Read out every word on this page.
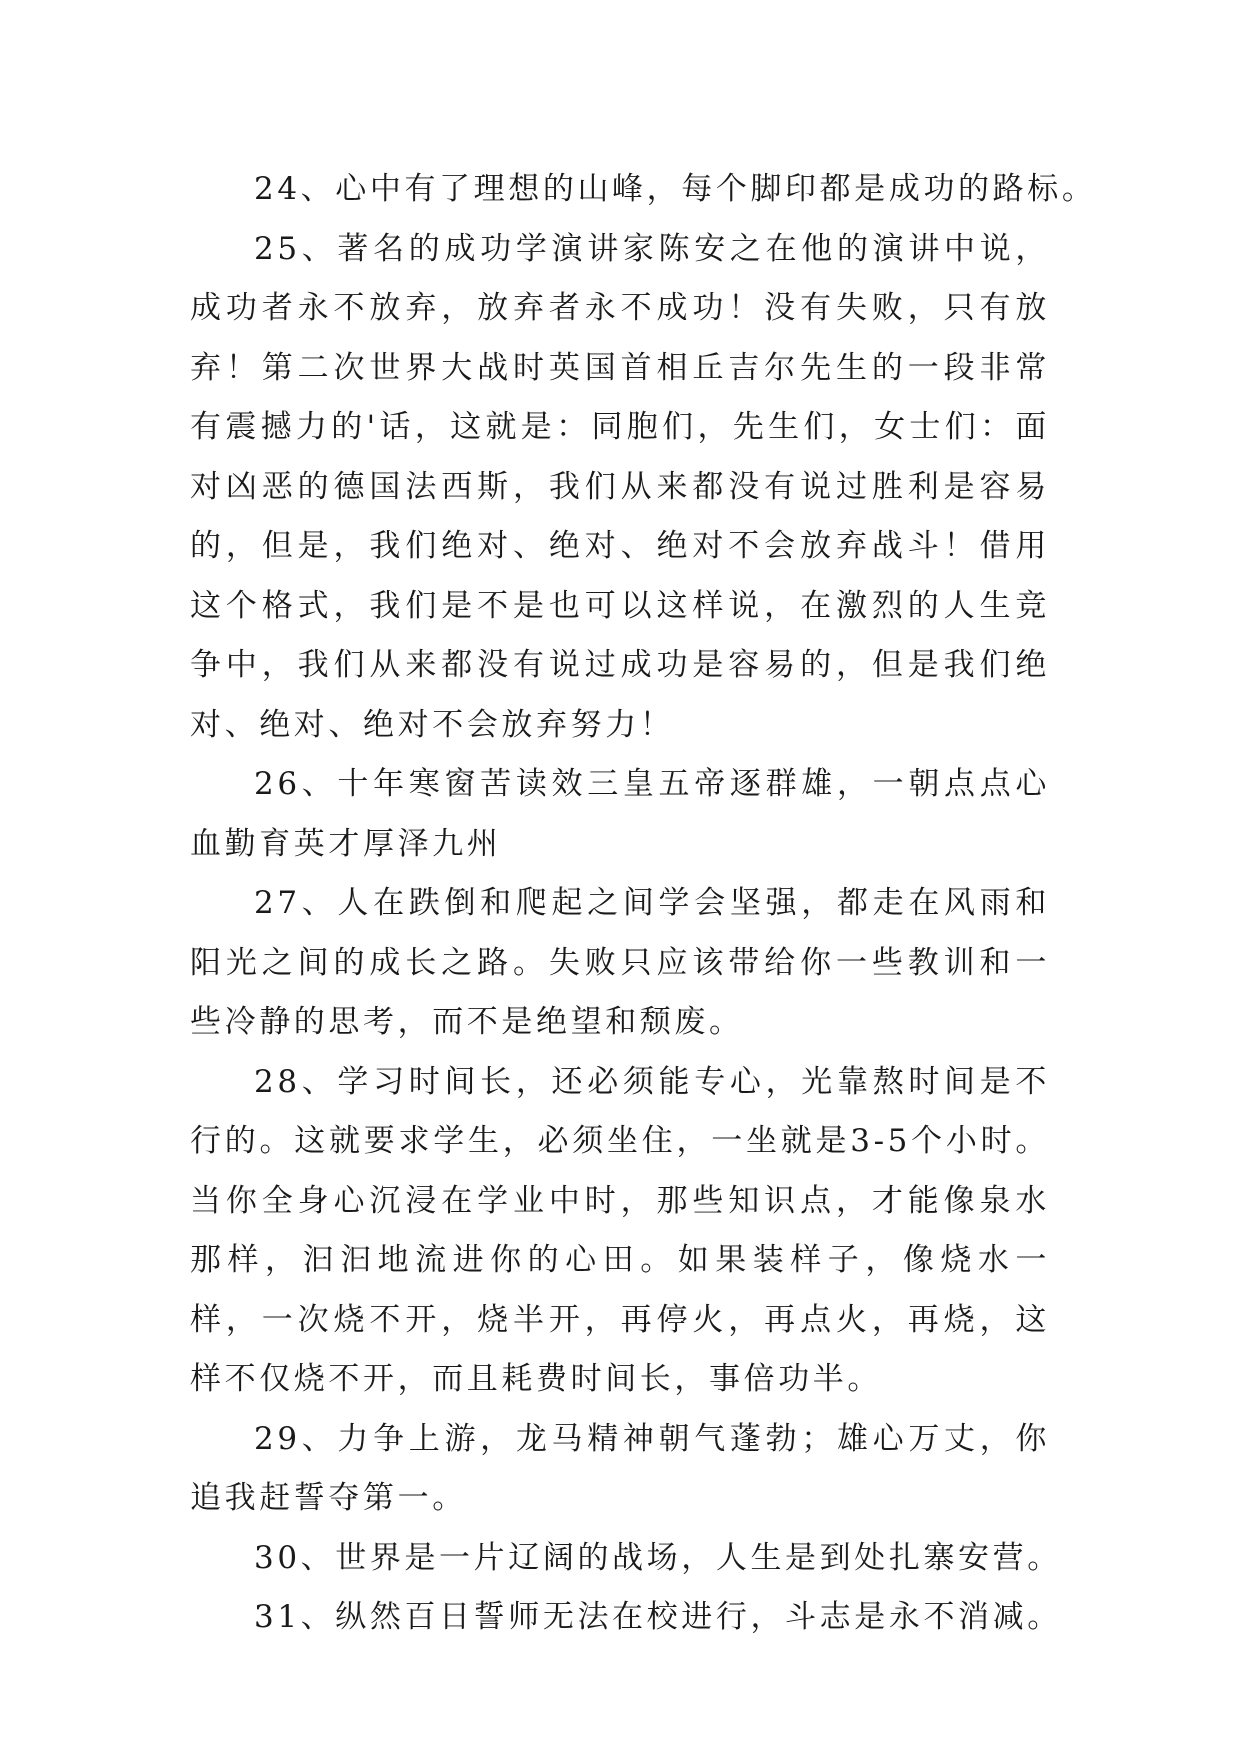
24、心中有了理想的山峰，每个脚印都是成功的路标。

25、著名的成功学演讲家陈安之在他的演讲中说，成功者永不放弃，放弃者永不成功！没有失败，只有放弃！第二次世界大战时英国首相丘吉尔先生的一段非常有震撼力的'话，这就是：同胞们，先生们，女士们：面对凶恶的德国法西斯，我们从来都没有说过胜利是容易的，但是，我们绝对、绝对、绝对不会放弃战斗！借用这个格式，我们是不是也可以这样说，在激烈的人生竞争中，我们从来都没有说过成功是容易的，但是我们绝对、绝对、绝对不会放弃努力！

26、十年寒窗苦读效三皇五帝逐群雄，一朝点点心血勤育英才厚泽九州

27、人在跌倒和爬起之间学会坚强，都走在风雨和阳光之间的成长之路。失败只应该带给你一些教训和一些冷静的思考，而不是绝望和颓废。

28、学习时间长，还必须能专心，光靠熬时间是不行的。这就要求学生，必须坐住，一坐就是3-5个小时。当你全身心沉浸在学业中时，那些知识点，才能像泉水那样，汩汩地流进你的心田。如果装样子，像烧水一样，一次烧不开，烧半开，再停火，再点火，再烧，这样不仅烧不开，而且耗费时间长，事倍功半。

29、力争上游，龙马精神朝气蓬勃；雄心万丈，你追我赶誓夺第一。

30、世界是一片辽阔的战场，人生是到处扎寨安营。

31、纵然百日誓师无法在校进行，斗志是永不消减。
